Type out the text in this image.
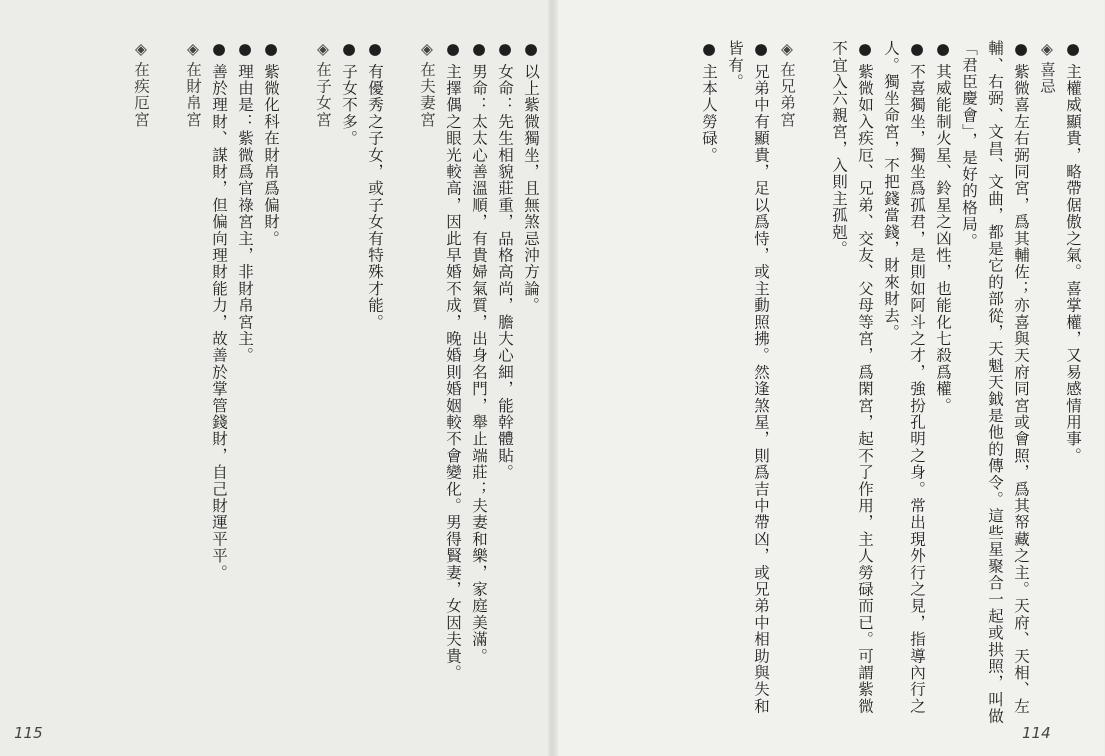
●以上紫微獨坐，且無煞忌沖方論。
●女命：先生相貌莊重，品格高尚，膽大心細，能幹體貼。
●男命：太太心善溫順，有貴婦氣質，出身名門，舉止端莊；夫妻和樂，家庭美滿。
●主擇偶之眼光較高，因此早婚不成，晚婚則婚姻較不會變化。男得賢妻，女因夫貴。
◈在夫妻宮
●有優秀之子女，或子女有特殊才能。
●子女不多。
◈在子女宮
●紫微化科在財帛爲偏財。
●理由是：紫微爲官祿宮主，非財帛宮主。
●善於理財、謀財，但偏向理財能力，故善於掌管錢財，自己財運平平。
◈在財帛宮
◈在疾厄宮
115
●主權威顯貴，略帶倨傲之氣。喜掌權，又易感情用事。
◈喜忌
●紫微喜左右弼同宮，爲其輔佐；亦喜與天府同宮或會照，爲其帑藏之主。天府、天相、左輔、右弼、文昌、文曲，都是它的部從，天魁天鉞是他的傳令。這些星聚合一起或拱照，叫做「君臣慶會」，是好的格局。
●其威能制火星、鈴星之凶性，也能化七殺爲權。
●不喜獨坐，獨坐爲孤君，是則如阿斗之才，強扮孔明之身。常出現外行之見，指導內行之人。獨坐命宮，不把錢當錢，財來財去。
●紫微如入疾厄、兄弟、交友、父母等宮，爲閑宮，起不了作用，主人勞碌而已。可謂紫微不宜入六親宮，入則主孤剋。
◈在兄弟宮
●兄弟中有顯貴，足以爲恃，或主動照拂。然逢煞星，則爲吉中帶凶，或兄弟中相助與失和皆有。
●主本人勞碌。
114
